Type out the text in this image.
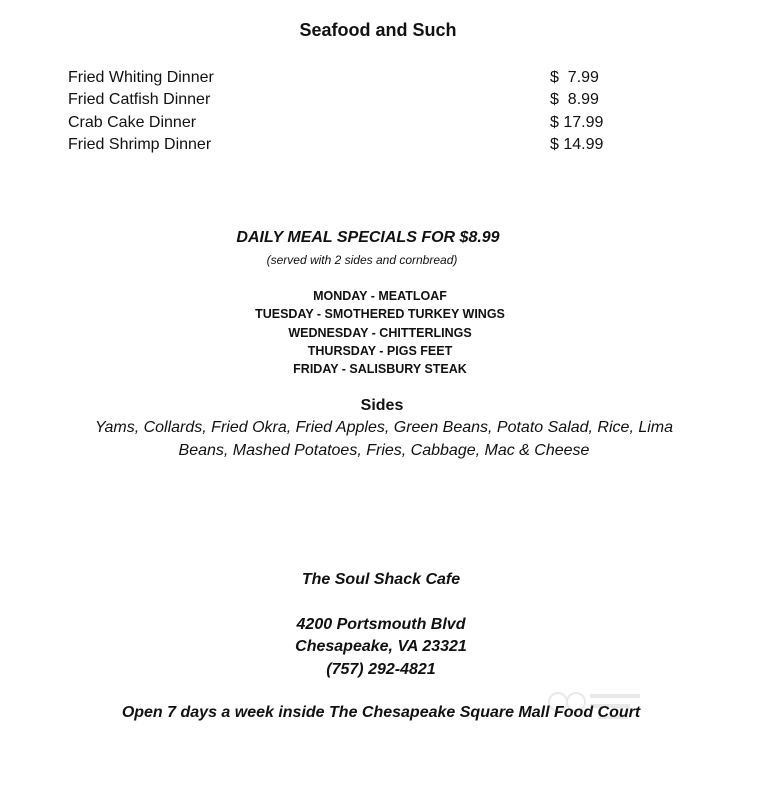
Seafood and Such
Fried Whiting Dinner	$  7.99
Fried Catfish Dinner	$  8.99
Crab Cake Dinner	$ 17.99
Fried Shrimp Dinner	$ 14.99
DAILY MEAL SPECIALS FOR $8.99
(served with 2 sides and cornbread)
MONDAY - MEATLOAF
TUESDAY - SMOTHERED TURKEY WINGS
WEDNESDAY - CHITTERLINGS
THURSDAY - PIGS FEET
FRIDAY - SALISBURY STEAK
Sides
Yams, Collards, Fried Okra, Fried Apples, Green Beans, Potato Salad, Rice, Lima
Beans, Mashed Potatoes, Fries, Cabbage, Mac & Cheese
The Soul Shack Cafe
4200 Portsmouth Blvd
Chesapeake, VA 23321
(757) 292-4821
Open 7 days a week inside The Chesapeake Square Mall Food Court
